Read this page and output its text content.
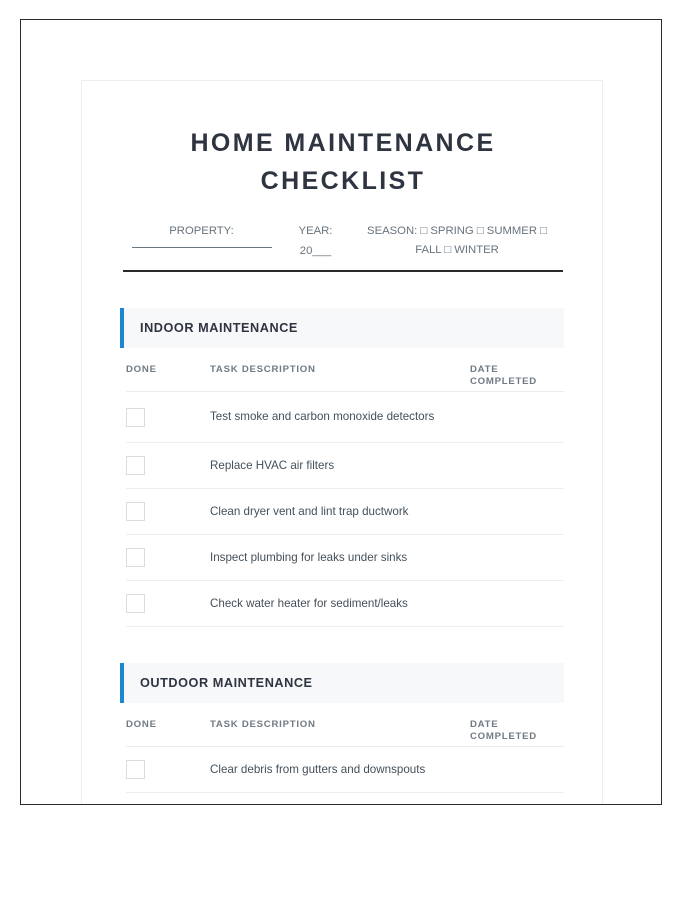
HOME MAINTENANCE CHECKLIST
PROPERTY:	YEAR:
20___
SEASON: □ SPRING □ SUMMER □
FALL □ WINTER
INDOOR MAINTENANCE
DONE	TASK DESCRIPTION	DATE
COMPLETED
Test smoke and carbon monoxide detectors
Replace HVAC air filters
Clean dryer vent and lint trap ductwork
Inspect plumbing for leaks under sinks
Check water heater for sediment/leaks
OUTDOOR MAINTENANCE
DONE	TASK DESCRIPTION	DATE
COMPLETED
Clear debris from gutters and downspouts
